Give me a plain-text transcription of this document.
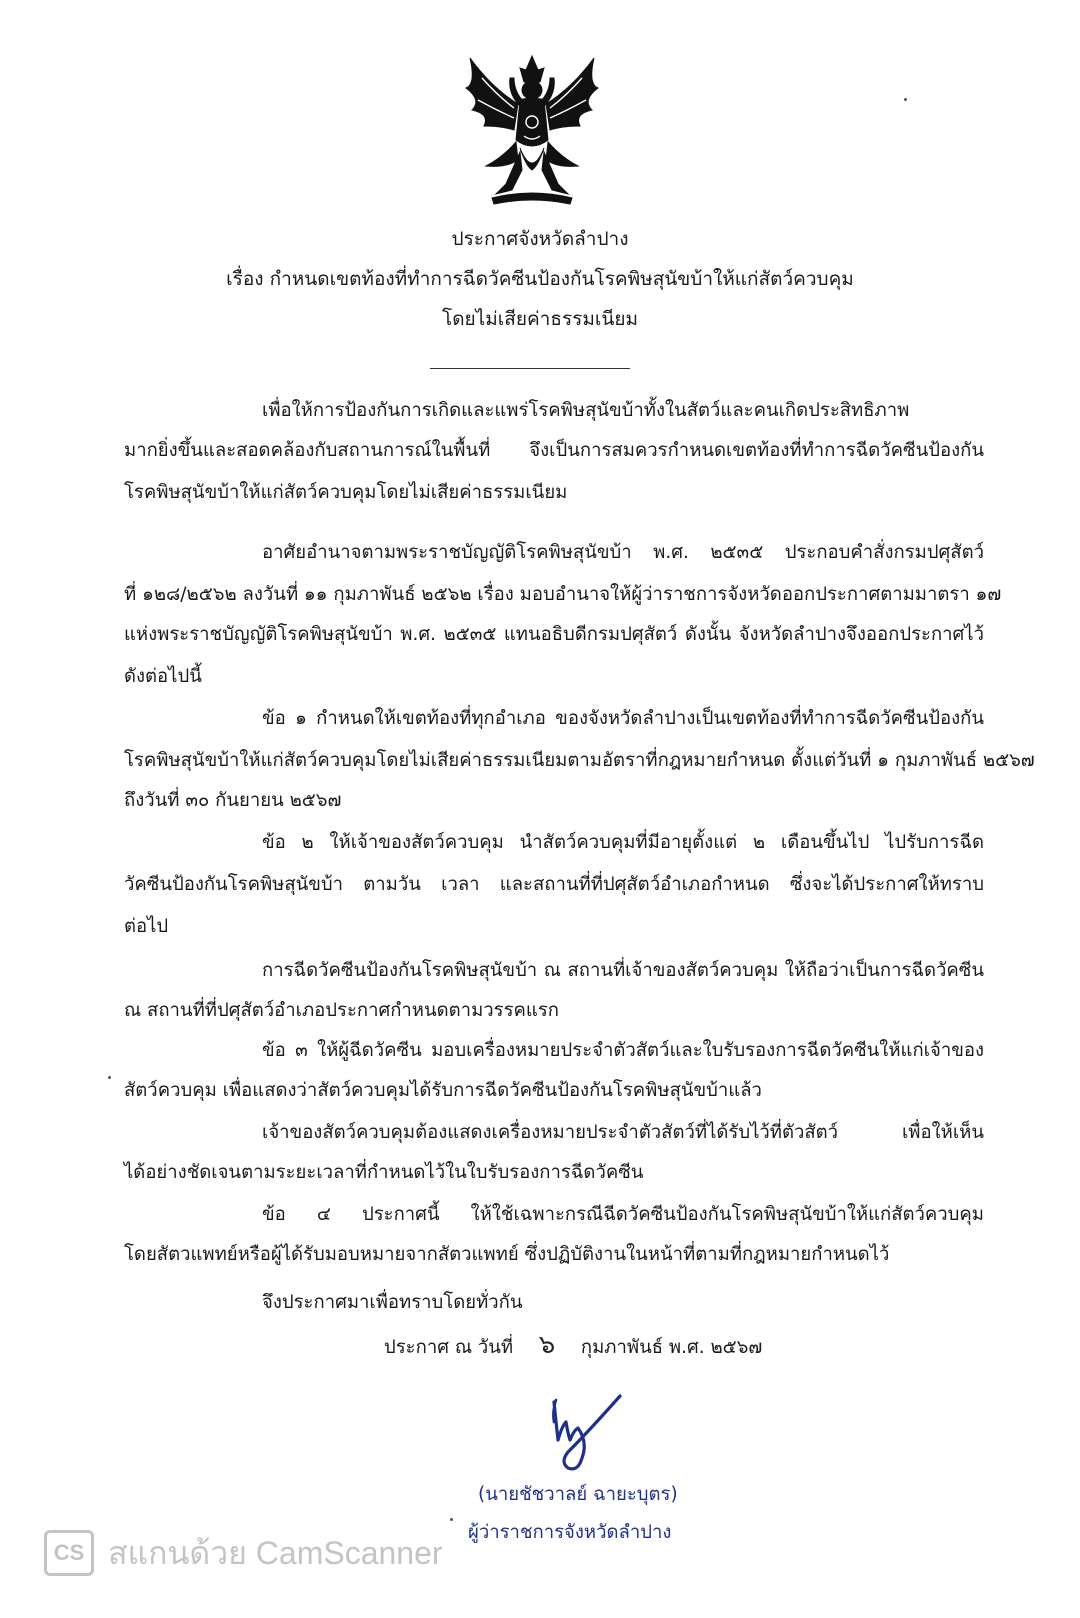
ประกาศจังหวัดลำปาง
เรื่อง กำหนดเขตท้องที่ทำการฉีดวัคซีนป้องกันโรคพิษสุนัขบ้าให้แก่สัตว์ควบคุม
โดยไม่เสียค่าธรรมเนียม
เพื่อให้การป้องกันการเกิดและแพร่โรคพิษสุนัขบ้าทั้งในสัตว์และคนเกิดประสิทธิภาพ
มากยิ่งขึ้นและสอดคล้องกับสถานการณ์ในพื้นที่ จึงเป็นการสมควรกำหนดเขตท้องที่ทำการฉีดวัคซีนป้องกัน
โรคพิษสุนัขบ้าให้แก่สัตว์ควบคุมโดยไม่เสียค่าธรรมเนียม
อาศัยอำนาจตามพระราชบัญญัติโรคพิษสุนัขบ้า พ.ศ. ๒๕๓๕ ประกอบคำสั่งกรมปศุสัตว์
ที่ ๑๒๘/๒๕๖๒ ลงวันที่ ๑๑ กุมภาพันธ์ ๒๕๖๒ เรื่อง มอบอำนาจให้ผู้ว่าราชการจังหวัดออกประกาศตามมาตรา ๑๗
แห่งพระราชบัญญัติโรคพิษสุนัขบ้า พ.ศ. ๒๕๓๕ แทนอธิบดีกรมปศุสัตว์ ดังนั้น จังหวัดลำปางจึงออกประกาศไว้
ดังต่อไปนี้
ข้อ ๑ กำหนดให้เขตท้องที่ทุกอำเภอ ของจังหวัดลำปางเป็นเขตท้องที่ทำการฉีดวัคซีนป้องกัน
โรคพิษสุนัขบ้าให้แก่สัตว์ควบคุมโดยไม่เสียค่าธรรมเนียมตามอัตราที่กฎหมายกำหนด ตั้งแต่วันที่ ๑ กุมภาพันธ์ ๒๕๖๗
ถึงวันที่ ๓๐ กันยายน ๒๕๖๗
ข้อ ๒ ให้เจ้าของสัตว์ควบคุม นำสัตว์ควบคุมที่มีอายุตั้งแต่ ๒ เดือนขึ้นไป ไปรับการฉีด
วัคซีนป้องกันโรคพิษสุนัขบ้า ตามวัน เวลา และสถานที่ที่ปศุสัตว์อำเภอกำหนด ซึ่งจะได้ประกาศให้ทราบ
ต่อไป
การฉีดวัคซีนป้องกันโรคพิษสุนัขบ้า ณ สถานที่เจ้าของสัตว์ควบคุม ให้ถือว่าเป็นการฉีดวัคซีน
ณ สถานที่ที่ปศุสัตว์อำเภอประกาศกำหนดตามวรรคแรก
ข้อ ๓ ให้ผู้ฉีดวัคซีน มอบเครื่องหมายประจำตัวสัตว์และใบรับรองการฉีดวัคซีนให้แก่เจ้าของ
สัตว์ควบคุม เพื่อแสดงว่าสัตว์ควบคุมได้รับการฉีดวัคซีนป้องกันโรคพิษสุนัขบ้าแล้ว
เจ้าของสัตว์ควบคุมต้องแสดงเครื่องหมายประจำตัวสัตว์ที่ได้รับไว้ที่ตัวสัตว์ เพื่อให้เห็น
ได้อย่างชัดเจนตามระยะเวลาที่กำหนดไว้ในใบรับรองการฉีดวัคซีน
ข้อ ๔ ประกาศนี้ ให้ใช้เฉพาะกรณีฉีดวัคซีนป้องกันโรคพิษสุนัขบ้าให้แก่สัตว์ควบคุม
โดยสัตวแพทย์หรือผู้ได้รับมอบหมายจากสัตวแพทย์ ซึ่งปฏิบัติงานในหน้าที่ตามที่กฎหมายกำหนดไว้
จึงประกาศมาเพื่อทราบโดยทั่วกัน
ประกาศ ณ วันที่ ๖ กุมภาพันธ์ พ.ศ. ๒๕๖๗
(นายชัชวาลย์ ฉายะบุตร)
ผู้ว่าราชการจังหวัดลำปาง
CS สแกนด้วย CamScanner
